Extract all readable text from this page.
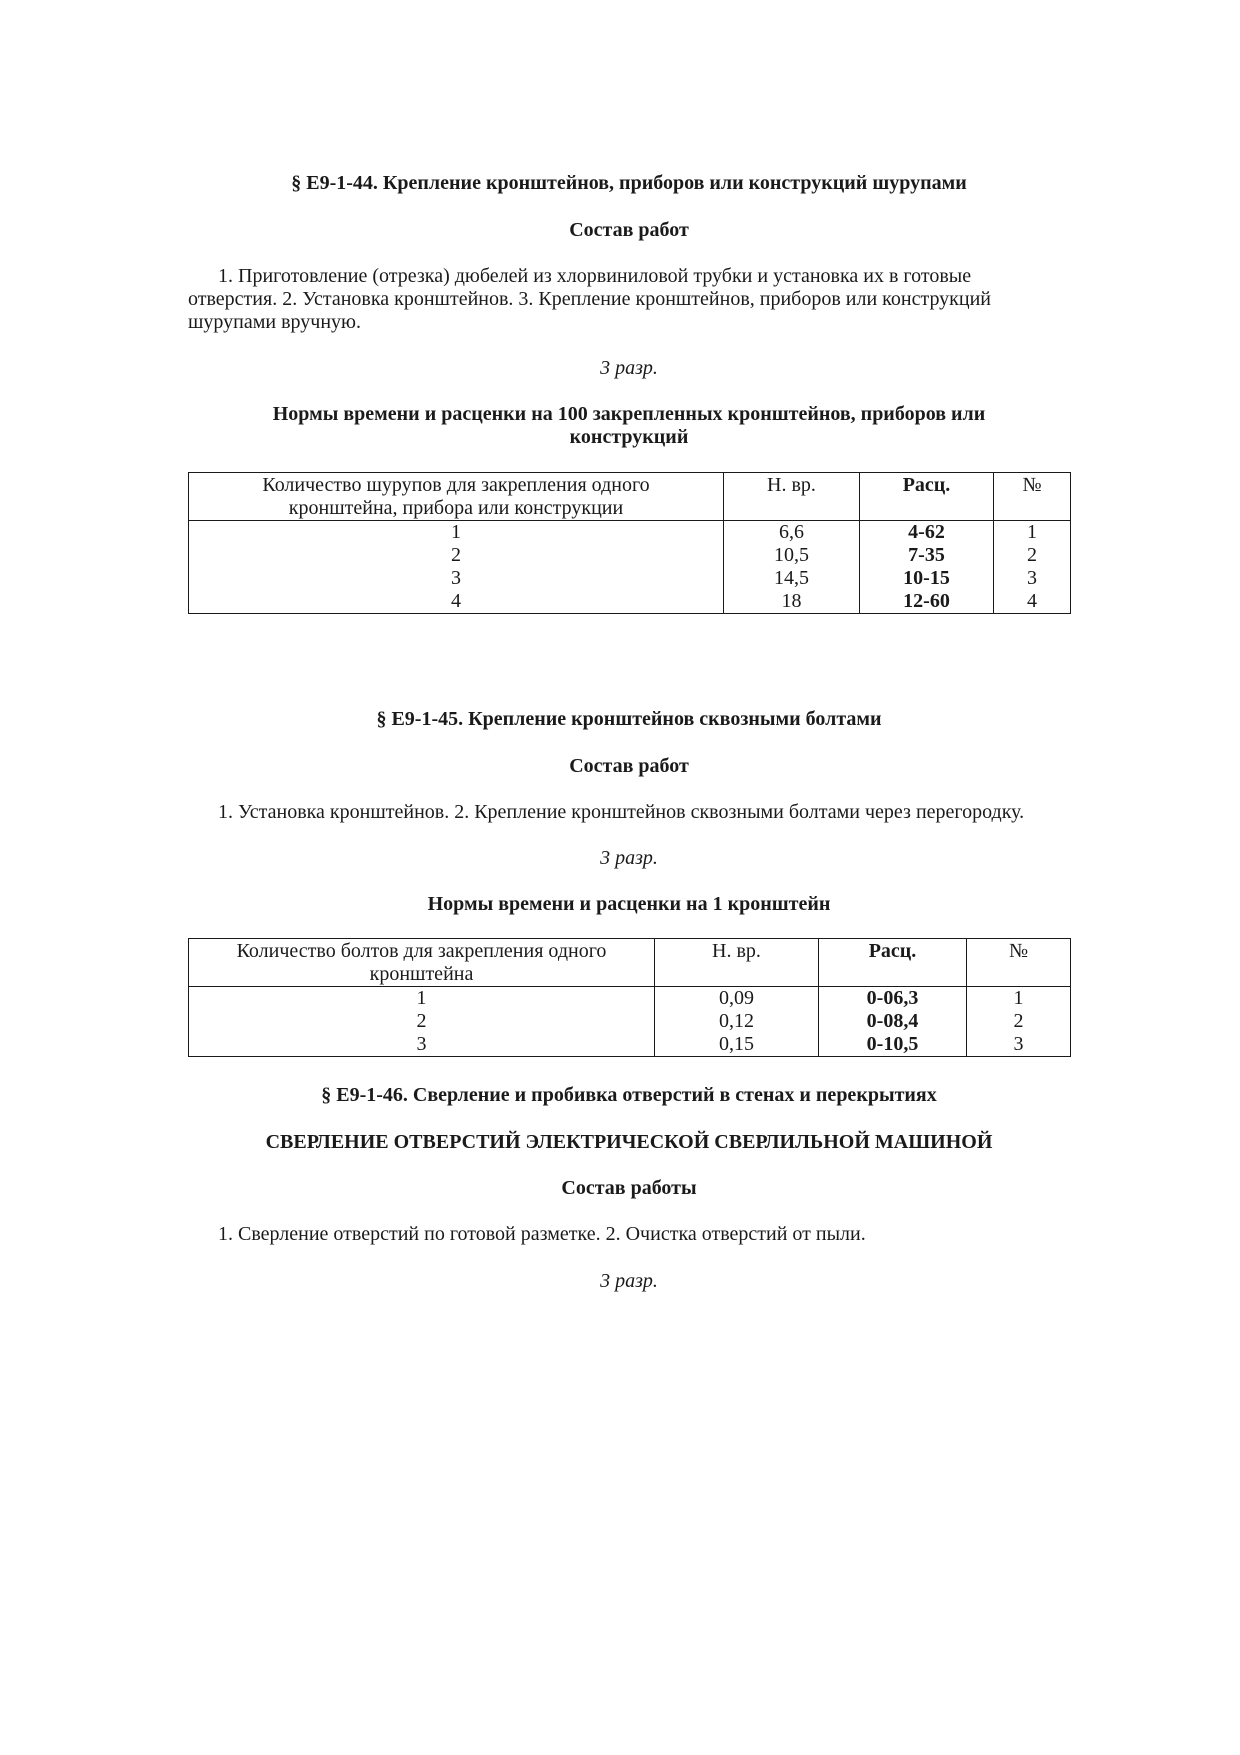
§ Е9-1-44. Крепление кронштейнов, приборов или конструкций шурупами
Состав работ
1. Приготовление (отрезка) дюбелей из хлорвиниловой трубки и установка их в готовые
отверстия. 2. Установка кронштейнов. 3. Крепление кронштейнов, приборов или конструкций
шурупами вручную.
3 разр.
Нормы времени и расценки на 100 закрепленных кронштейнов, приборов или
конструкций
Количество шурупов для закрепления одного
кронштейна, прибора или конструкции	Н. вр.	Расц.	№
1	6,6	4-62	1
2	10,5	7-35	2
3	14,5	10-15	3
4	18	12-60	4
§ Е9-1-45. Крепление кронштейнов сквозными болтами
Состав работ
1. Установка кронштейнов. 2. Крепление кронштейнов сквозными болтами через перегородку.
3 разр.
Нормы времени и расценки на 1 кронштейн
Количество болтов для закрепления одного
кронштейна	Н. вр.	Расц.	№
1	0,09	0-06,3	1
2	0,12	0-08,4	2
3	0,15	0-10,5	3
§ Е9-1-46. Сверление и пробивка отверстий в стенах и перекрытиях
СВЕРЛЕНИЕ ОТВЕРСТИЙ ЭЛЕКТРИЧЕСКОЙ СВЕРЛИЛЬНОЙ МАШИНОЙ
Состав работы
1. Сверление отверстий по готовой разметке. 2. Очистка отверстий от пыли.
3 разр.
